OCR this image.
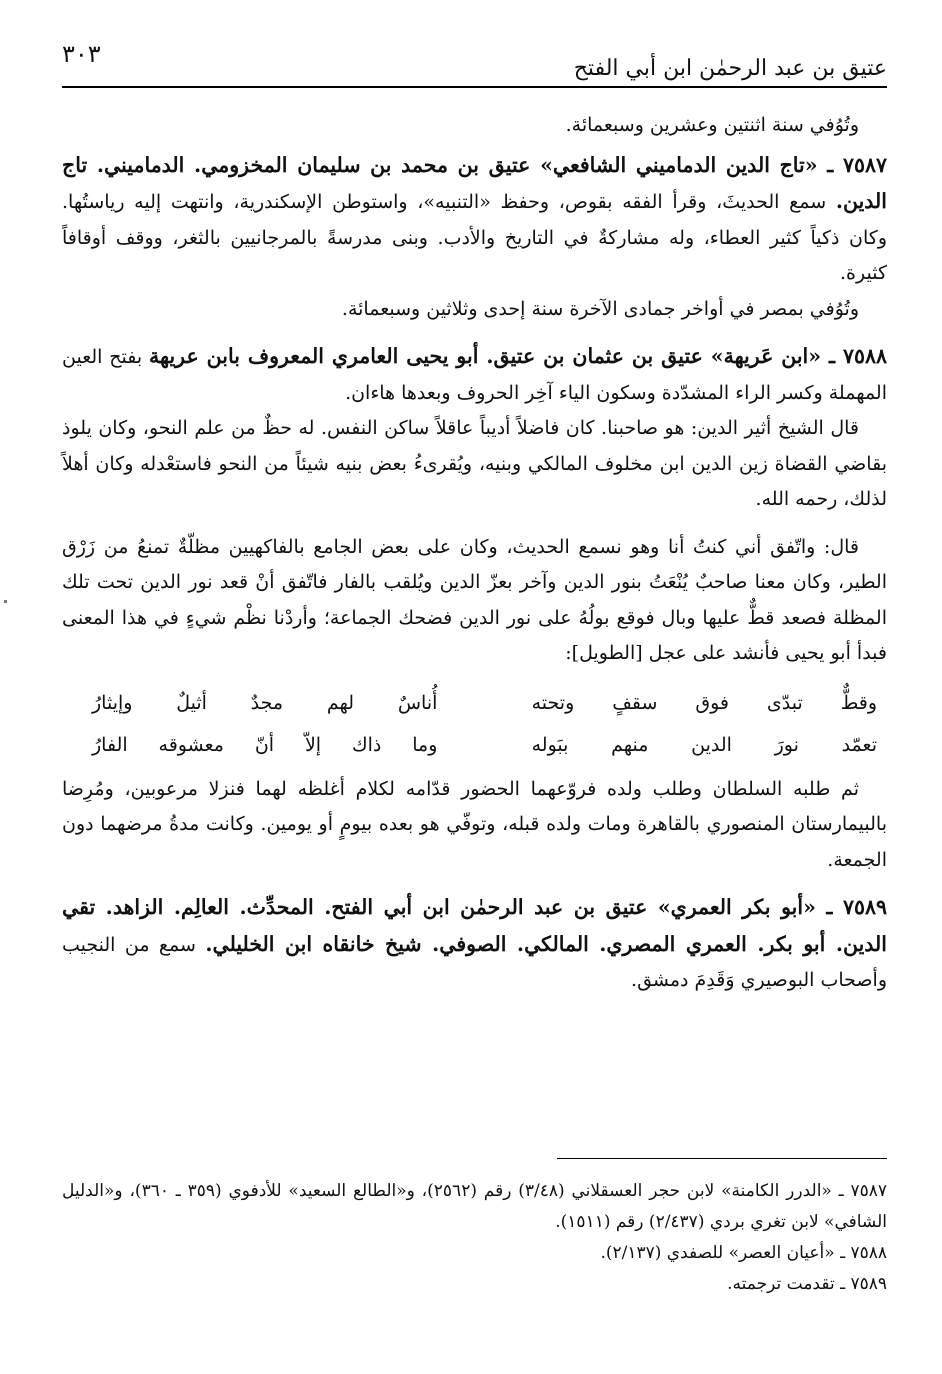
عتيق بن عبد الرحمٰن ابن أبي الفتح
٣٠٣

وتُوُفي سنة اثنتين وعشرين وسبعمائة.

٧٥٨٧ ـ «تاج الدين الدماميني الشافعي» عتيق بن محمد بن سليمان المخزومي. الدماميني. تاج الدين. سمع الحديثَ، وقرأ الفقه بقوص، وحفظ «التنبيه»، واستوطن الإسكندرية، وانتهت إليه رياستُها. وكان ذكياً كثير العطاء، وله مشاركةٌ في التاريخ والأدب. وبنى مدرسةً بالمرجانيين بالثغر، ووقف أوقافاً كثيرة.

وتُوُفي بمصر في أواخر جمادى الآخرة سنة إحدى وثلاثين وسبعمائة.

٧٥٨٨ ـ «ابن عَريهة» عتيق بن عثمان بن عتيق. أبو يحيى العامري المعروف بابن عريهة بفتح العين المهملة وكسر الراء المشدّدة وسكون الياء آخِر الحروف وبعدها هاءان.

قال الشيخ أثير الدين: هو صاحبنا. كان فاضلاً أديباً عاقلاً ساكن النفس. له حظٌ من علم النحو، وكان يلوذ بقاضي القضاة زين الدين ابن مخلوف المالكي وبنيه، ويُقرىءُ بعض بنيه شيئاً من النحو فاستعْدله وكان أهلاً لذلك، رحمه الله.

قال: واتّفق أني كنتُ أنا وهو نسمع الحديث، وكان على بعض الجامع بالفاكهيين مظلّةٌ تمنعُ من زَرْق الطير، وكان معنا صاحبٌ يُنْعَتُ بنور الدين وآخر بعزّ الدين ويُلقب بالفار فاتّفق أنْ قعد نور الدين تحت تلك المظلة فصعد قطٌّ عليها وبال فوقع بولُهُ على نور الدين فضحك الجماعة؛ وأردْنا نظْم شيءٍ في هذا المعنى فبدأ أبو يحيى فأنشد على عجل [الطويل]:

وقطٌّ تبدّى فوق سقفٍ وتحته
أُناسٌ لهم مجدٌ أثيلٌ وإيثارُ
تعمّد نورَ الدين منهم ببَوله
وما ذاك إلاّ أنّ معشوقه الفارُ

ثم طلبه السلطان وطلب ولده فروّعهما الحضور قدّامه لكلام أغلظه لهما فنزلا مرعوبين، ومُرِضا بالبيمارستان المنصوري بالقاهرة ومات ولده قبله، وتوفّي هو بعده بيومٍ أو يومين. وكانت مدةُ مرضهما دون الجمعة.

٧٥٨٩ ـ «أبو بكر العمري» عتيق بن عبد الرحمٰن ابن أبي الفتح. المحدِّث. العالِم. الزاهد. تقي الدين. أبو بكر. العمري المصري. المالكي. الصوفي. شيخ خانقاه ابن الخليلي. سمع من النجيب وأصحاب البوصيري وَقَدِمَ دمشق.

٧٥٨٧ ـ «الدرر الكامنة» لابن حجر العسقلاني (٣/٤٨) رقم (٢٥٦٢)، و«الطالع السعيد» للأدفوي (٣٥٩ ـ ٣٦٠)، و«الدليل الشافي» لابن تغري بردي (٢/٤٣٧) رقم (١٥١١).

٧٥٨٨ ـ «أعيان العصر» للصفدي (٢/١٣٧).

٧٥٨٩ ـ تقدمت ترجمته.
